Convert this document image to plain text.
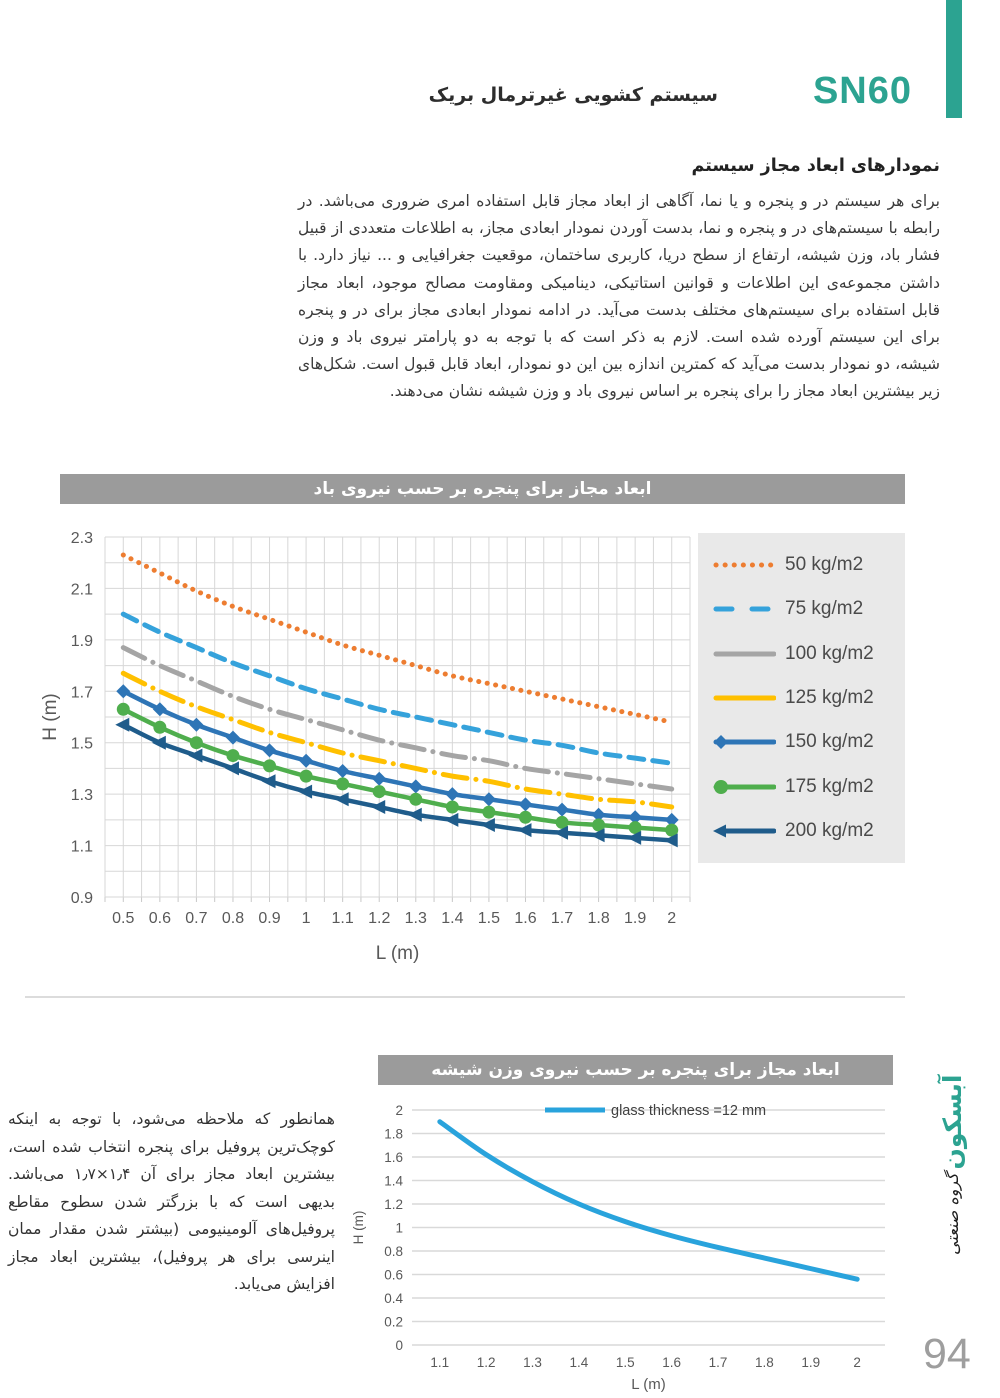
SN60
سیستم کشویی غیرترمال بریک
نمودارهای ابعاد مجاز سیستم
برای هر سیستم در و پنجره و یا نما، آگاهی از ابعاد مجاز قابل استفاده امری ضروری می‌باشد. در رابطه با سیستم‌های در و پنجره و نما، بدست آوردن نمودار ابعادی مجاز، به اطلاعات متعددی از قبیل فشار باد، وزن شیشه، ارتفاع از سطح دریا، کاربری ساختمان، موقعیت جغرافیایی و ... نیاز دارد. با داشتن مجموعه‌ی این اطلاعات و قوانین استاتیکی، دینامیکی ومقاومت مصالح موجود، ابعاد مجاز قابل استفاده برای سیستم‌های مختلف بدست می‌آید. در ادامه نمودار ابعادی مجاز برای در و پنجره برای این سیستم آورده شده است. لازم به ذکر است که با توجه به دو پارامتر نیروی باد و وزن شیشه، دو نمودار بدست می‌آید که کمترین اندازه بین این دو نمودار، ابعاد قابل قبول است. شکل‌های زیر بیشترین ابعاد مجاز را برای پنجره بر اساس نیروی باد و وزن شیشه نشان می‌دهند.
ابعاد مجاز برای پنجره بر حسب نیروی باد
0.9
1.1
1.3
1.5
1.7
1.9
2.1
2.3
0.5 0.6 0.7 0.8 0.9 1 1.1 1.2 1.3 1.4 1.5 1.6 1.7 1.8 1.9 2
L (m)
H (m)
50 kg/m2
75 kg/m2
100 kg/m2
125 kg/m2
150 kg/m2
175 kg/m2
200 kg/m2
ابعاد مجاز برای پنجره بر حسب نیروی وزن شیشه
0
0.2
0.4
0.6
0.8
1
1.2
1.4
1.6
1.8
2
1.1 1.2 1.3 1.4 1.5 1.6 1.7 1.8 1.9 2
L (m)
H (m)
glass thickness =12 mm
همانطور که ملاحظه می‌شود، با توجه به اینکه کوچک‌ترین پروفیل برای پنجره انتخاب شده است، بیشترین ابعاد مجاز برای آن ۱٫۴×۱٫۷ می‌باشد. بدیهی است که با بزرگتر شدن سطوح مقاطع پروفیل‌های آلومینیومی (بیشتر شدن مقدار ممان اینرسی برای هر پروفیل)، بیشترین ابعاد مجاز افزایش می‌یابد.
آبسکون
گروه صنعتی
94
